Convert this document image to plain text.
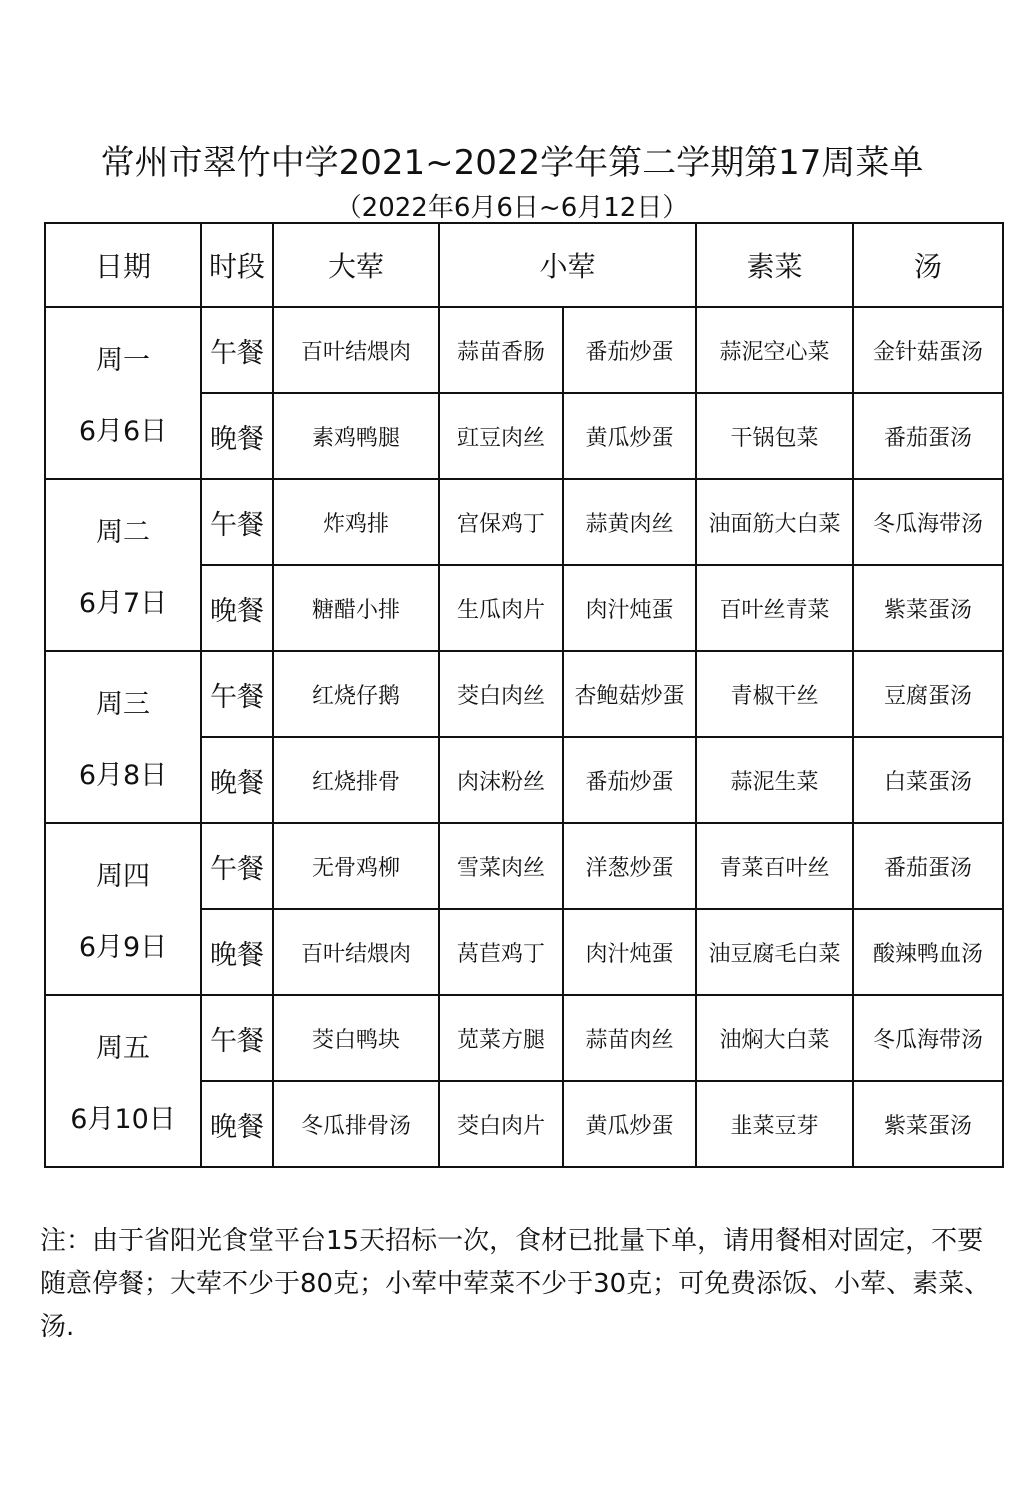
常州市翠竹中学2021~2022学年第二学期第17周菜单
（2022年6月6日~6月12日）
日期	时段	大荤	小荤		素菜	汤

周一
6月6日	午餐	百叶结煨肉	蒜苗香肠	番茄炒蛋	蒜泥空心菜	金针菇蛋汤
	晚餐	素鸡鸭腿	豇豆肉丝	黄瓜炒蛋	干锅包菜	番茄蛋汤

周二
6月7日	午餐	炸鸡排	宫保鸡丁	蒜黄肉丝	油面筋大白菜	冬瓜海带汤
	晚餐	糖醋小排	生瓜肉片	肉汁炖蛋	百叶丝青菜	紫菜蛋汤

周三
6月8日	午餐	红烧仔鹅	茭白肉丝	杏鲍菇炒蛋	青椒干丝	豆腐蛋汤
	晚餐	红烧排骨	肉沫粉丝	番茄炒蛋	蒜泥生菜	白菜蛋汤

周四
6月9日	午餐	无骨鸡柳	雪菜肉丝	洋葱炒蛋	青菜百叶丝	番茄蛋汤
	晚餐	百叶结煨肉	莴苣鸡丁	肉汁炖蛋	油豆腐毛白菜	酸辣鸭血汤

周五
6月10日	午餐	茭白鸭块	苋菜方腿	蒜苗肉丝	油焖大白菜	冬瓜海带汤
	晚餐	冬瓜排骨汤	茭白肉片	黄瓜炒蛋	韭菜豆芽	紫菜蛋汤
注：由于省阳光食堂平台15天招标一次，食材已批量下单，请用餐相对固定，不要随意停餐；大荤不少于80克；小荤中荤菜不少于30克；可免费添饭、小荤、素菜、汤.
